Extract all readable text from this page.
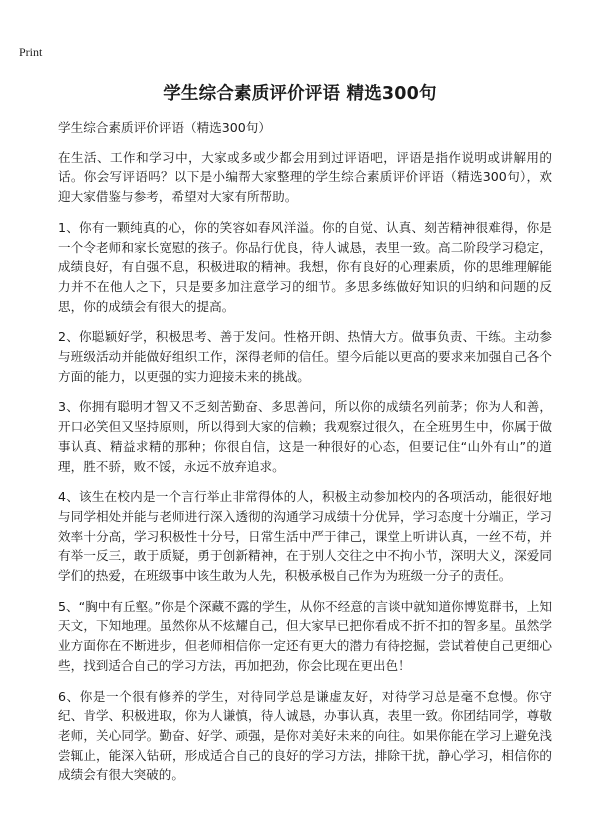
Print
学生综合素质评价评语 精选300句

学生综合素质评价评语（精选300句）

在生活、工作和学习中，大家或多或少都会用到过评语吧，评语是指作说明或讲解用的话。你会写评语吗？以下是小编帮大家整理的学生综合素质评价评语（精选300句），欢迎大家借鉴与参考，希望对大家有所帮助。

1、你有一颗纯真的心，你的笑容如春风洋溢。你的自觉、认真、刻苦精神很难得，你是一个令老师和家长宽慰的孩子。你品行优良，待人诚恳，表里一致。高二阶段学习稳定，成绩良好，有自强不息，积极进取的精神。我想，你有良好的心理素质，你的思维理解能力并不在他人之下，只是要多加注意学习的细节。多思多练做好知识的归纳和问题的反思，你的成绩会有很大的提高。

2、你聪颖好学，积极思考、善于发问。性格开朗、热情大方。做事负责、干练。主动参与班级活动并能做好组织工作，深得老师的信任。望今后能以更高的要求来加强自己各个方面的能力，以更强的实力迎接未来的挑战。

3、你拥有聪明才智又不乏刻苦勤奋、多思善问，所以你的成绩名列前茅；你为人和善，开口必笑但又坚持原则，所以得到大家的信赖；我观察过很久，在全班男生中，你属于做事认真、精益求精的那种；你很自信，这是一种很好的心态，但要记住“山外有山”的道理，胜不骄，败不馁，永远不放弃追求。

4、该生在校内是一个言行举止非常得体的人，积极主动参加校内的各项活动，能很好地与同学相处并能与老师进行深入透彻的沟通学习成绩十分优异，学习态度十分端正，学习效率十分高，学习积极性十分号，日常生活中严于律己，课堂上听讲认真，一丝不苟，并有举一反三，敢于质疑，勇于创新精神，在于别人交往之中不拘小节，深明大义，深爱同学们的热爱，在班级事中该生敢为人先，积极承极自己作为为班级一分子的责任。

5、“胸中有丘壑。”你是个深藏不露的学生，从你不经意的言谈中就知道你博览群书，上知天文，下知地理。虽然你从不炫耀自己，但大家早已把你看成不折不扣的智多星。虽然学业方面你在不断进步，但老师相信你一定还有更大的潜力有待挖掘，尝试着使自己更细心些，找到适合自己的学习方法，再加把劲，你会比现在更出色！

6、你是一个很有修养的学生，对待同学总是谦虚友好，对待学习总是毫不怠慢。你守纪、肯学、积极进取，你为人谦慎，待人诚恳，办事认真，表里一致。你团结同学，尊敬老师，关心同学。勤奋、好学、顽强，是你对美好未来的向往。如果你能在学习上避免浅尝辄止，能深入钻研，形成适合自己的良好的学习方法，排除干扰，静心学习，相信你的成绩会有很大突破的。
